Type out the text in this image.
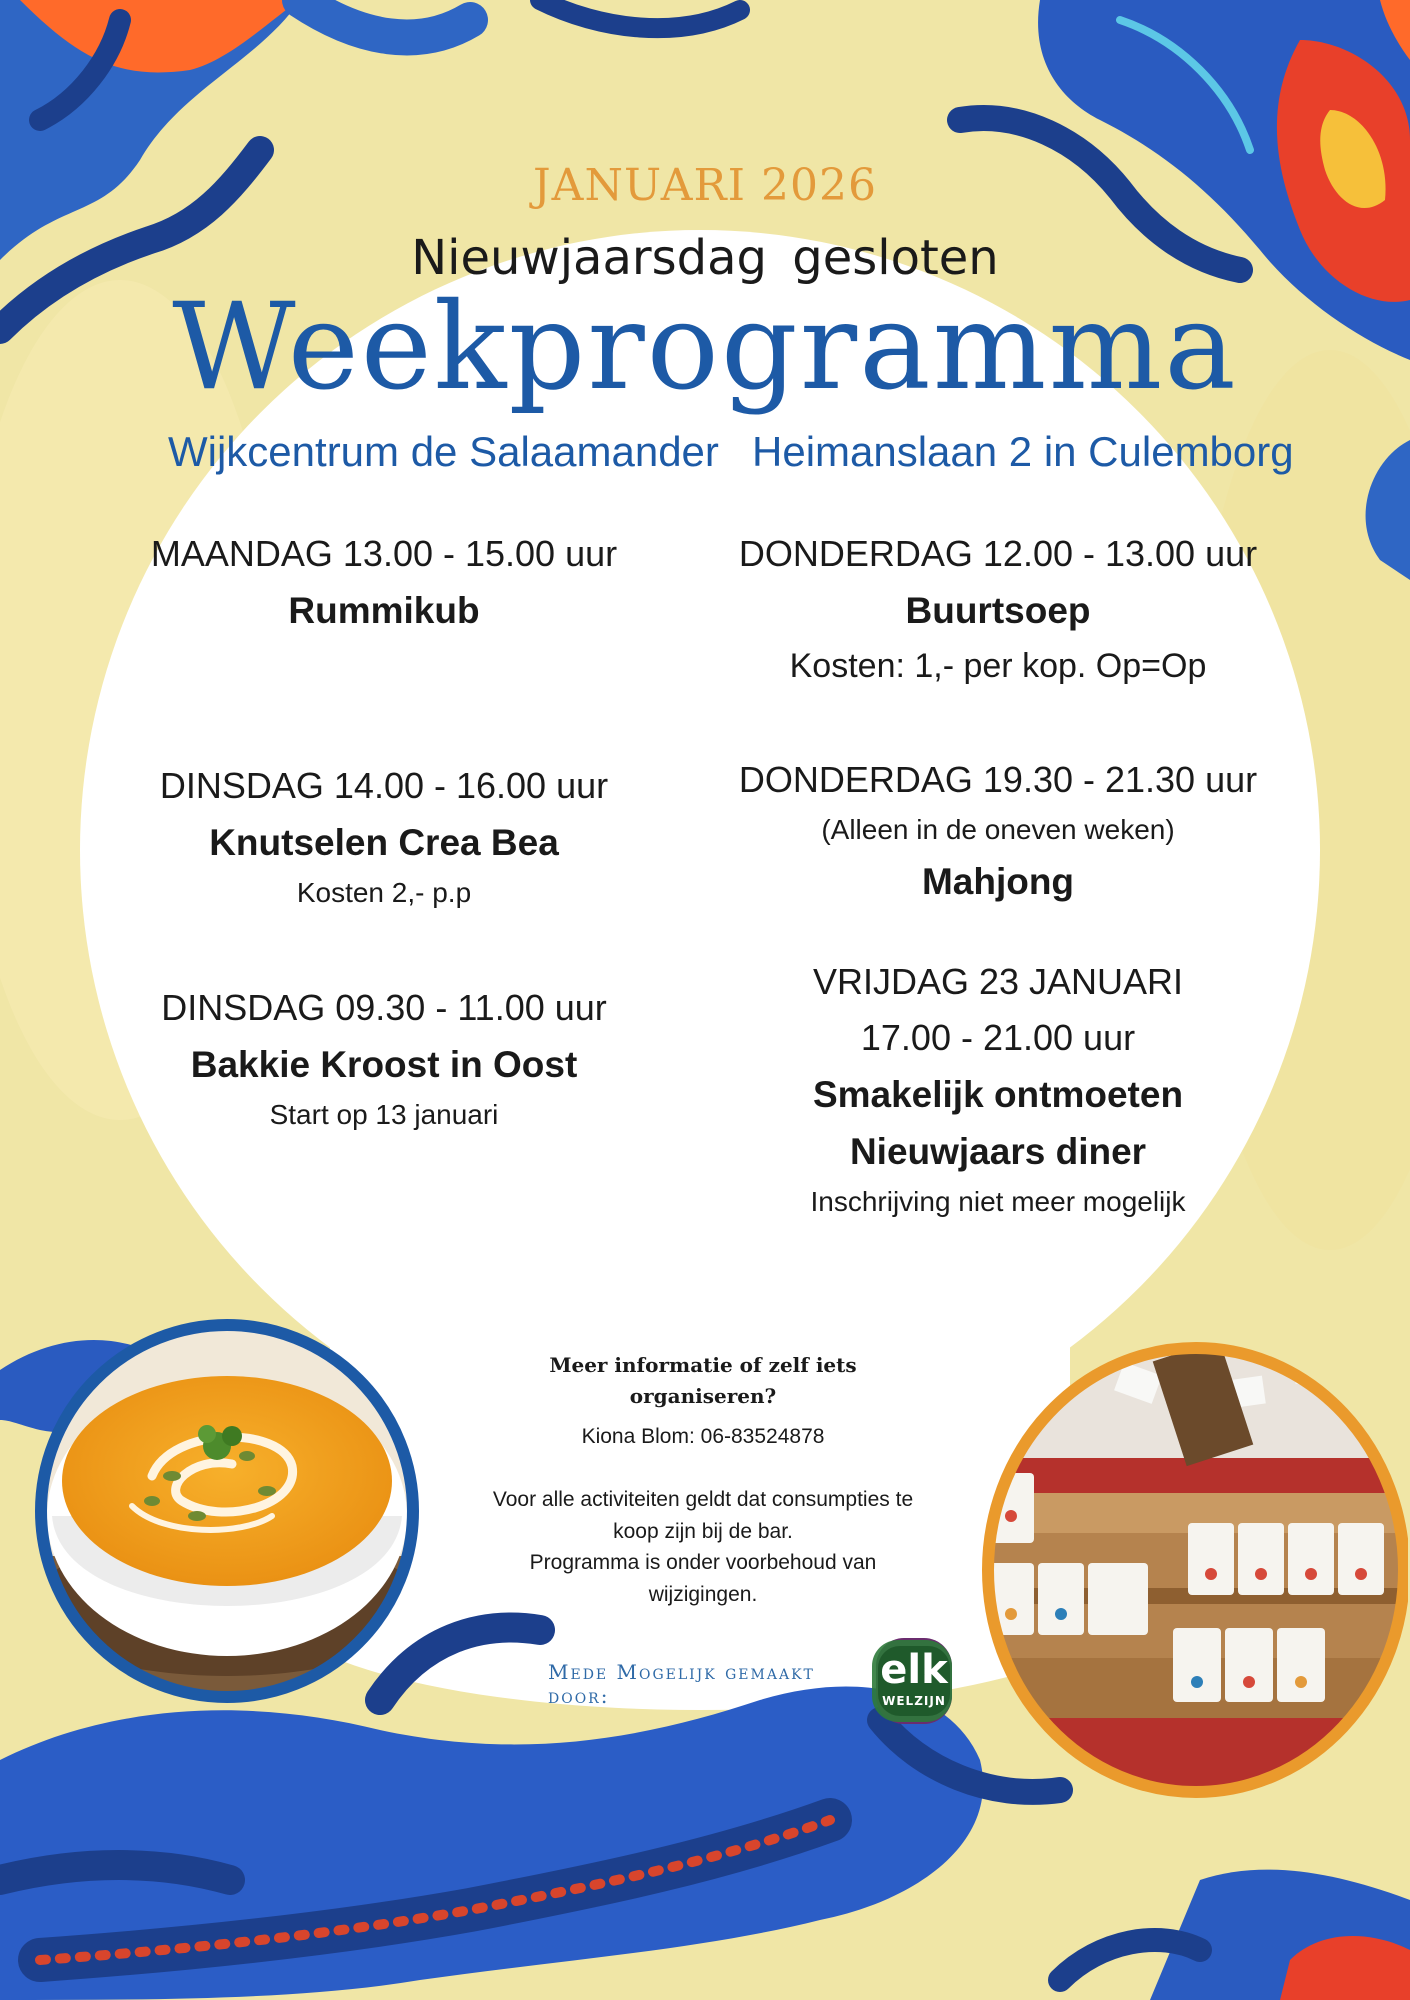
JANUARI 2026
Nieuwjaarsdag gesloten
Weekprogramma
Wijkcentrum de Salaamander Heimanslaan 2 in Culemborg
MAANDAG 13.00 - 15.00 uur
Rummikub
DINSDAG 14.00 - 16.00 uur
Knutselen Crea Bea
Kosten 2,- p.p
DINSDAG 09.30 - 11.00 uur
Bakkie Kroost in Oost
Start op 13 januari
DONDERDAG 12.00 - 13.00 uur
Buurtsoep
Kosten: 1,- per kop. Op=Op
DONDERDAG 19.30 - 21.30 uur
(Alleen in de oneven weken)
Mahjong
VRIJDAG 23 JANUARI
17.00 - 21.00 uur
Smakelijk ontmoeten
Nieuwjaars diner
Inschrijving niet meer mogelijk
Meer informatie of zelf iets
organiseren?
Kiona Blom: 06-83524878
Voor alle activiteiten geldt dat consumpties te
koop zijn bij de bar.
Programma is onder voorbehoud van
wijzigingen.
Mede Mogelijk gemaakt door:
elk
WELZIJN
